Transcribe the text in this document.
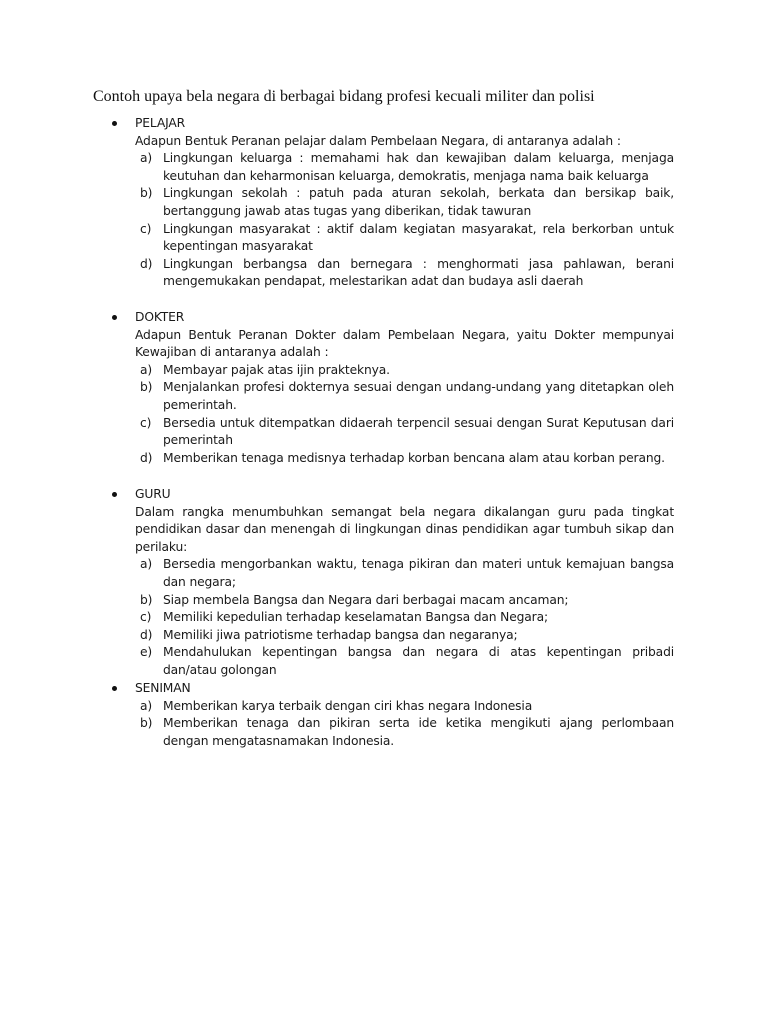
Contoh upaya bela negara di berbagai bidang profesi kecuali militer dan polisi
PELAJAR
Adapun Bentuk Peranan pelajar dalam Pembelaan Negara, di antaranya adalah :
a) Lingkungan keluarga : memahami hak dan kewajiban dalam keluarga, menjaga keutuhan dan keharmonisan keluarga, demokratis, menjaga nama baik keluarga
b) Lingkungan sekolah : patuh pada aturan sekolah, berkata dan bersikap baik, bertanggung jawab atas tugas yang diberikan, tidak tawuran
c) Lingkungan masyarakat : aktif dalam kegiatan masyarakat, rela berkorban untuk kepentingan masyarakat
d) Lingkungan berbangsa dan bernegara : menghormati jasa pahlawan, berani mengemukakan pendapat, melestarikan adat dan budaya asli daerah
DOKTER
Adapun Bentuk Peranan Dokter dalam Pembelaan Negara, yaitu Dokter mempunyai Kewajiban di antaranya adalah :
a) Membayar pajak atas ijin prakteknya.
b) Menjalankan profesi dokternya sesuai dengan undang-undang yang ditetapkan oleh pemerintah.
c) Bersedia untuk ditempatkan didaerah terpencil sesuai dengan Surat Keputusan dari pemerintah
d) Memberikan tenaga medisnya terhadap korban bencana alam atau korban perang.
GURU
Dalam rangka menumbuhkan semangat bela negara dikalangan guru pada tingkat pendidikan dasar dan menengah di lingkungan dinas pendidikan agar tumbuh sikap dan perilaku:
a) Bersedia mengorbankan waktu, tenaga pikiran dan materi untuk kemajuan bangsa dan negara;
b) Siap membela Bangsa dan Negara dari berbagai macam ancaman;
c) Memiliki kepedulian terhadap keselamatan Bangsa dan Negara;
d) Memiliki jiwa patriotisme terhadap bangsa dan negaranya;
e) Mendahulukan kepentingan bangsa dan negara di atas kepentingan pribadi dan/atau golongan
SENIMAN
a) Memberikan karya terbaik dengan ciri khas negara Indonesia
b) Memberikan tenaga dan pikiran serta ide ketika mengikuti ajang perlombaan dengan mengatasnamakan Indonesia.
